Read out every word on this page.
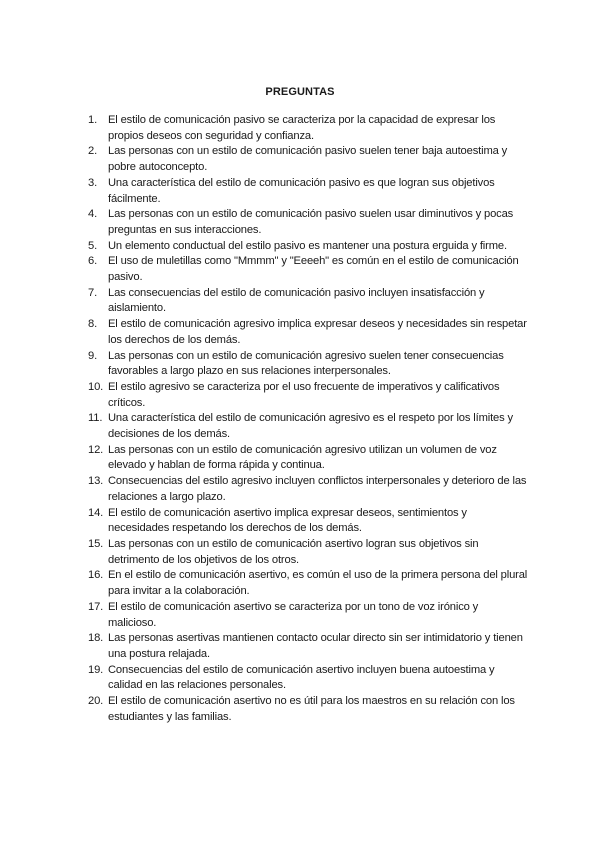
PREGUNTAS
1. El estilo de comunicación pasivo se caracteriza por la capacidad de expresar los propios deseos con seguridad y confianza.
2. Las personas con un estilo de comunicación pasivo suelen tener baja autoestima y pobre autoconcepto.
3. Una característica del estilo de comunicación pasivo es que logran sus objetivos fácilmente.
4. Las personas con un estilo de comunicación pasivo suelen usar diminutivos y pocas preguntas en sus interacciones.
5. Un elemento conductual del estilo pasivo es mantener una postura erguida y firme.
6. El uso de muletillas como "Mmmm" y "Eeeeh" es común en el estilo de comunicación pasivo.
7. Las consecuencias del estilo de comunicación pasivo incluyen insatisfacción y aislamiento.
8. El estilo de comunicación agresivo implica expresar deseos y necesidades sin respetar los derechos de los demás.
9. Las personas con un estilo de comunicación agresivo suelen tener consecuencias favorables a largo plazo en sus relaciones interpersonales.
10. El estilo agresivo se caracteriza por el uso frecuente de imperativos y calificativos críticos.
11. Una característica del estilo de comunicación agresivo es el respeto por los límites y decisiones de los demás.
12. Las personas con un estilo de comunicación agresivo utilizan un volumen de voz elevado y hablan de forma rápida y continua.
13. Consecuencias del estilo agresivo incluyen conflictos interpersonales y deterioro de las relaciones a largo plazo.
14. El estilo de comunicación asertivo implica expresar deseos, sentimientos y necesidades respetando los derechos de los demás.
15. Las personas con un estilo de comunicación asertivo logran sus objetivos sin detrimento de los objetivos de los otros.
16. En el estilo de comunicación asertivo, es común el uso de la primera persona del plural para invitar a la colaboración.
17. El estilo de comunicación asertivo se caracteriza por un tono de voz irónico y malicioso.
18. Las personas asertivas mantienen contacto ocular directo sin ser intimidatorio y tienen una postura relajada.
19. Consecuencias del estilo de comunicación asertivo incluyen buena autoestima y calidad en las relaciones personales.
20. El estilo de comunicación asertivo no es útil para los maestros en su relación con los estudiantes y las familias.
